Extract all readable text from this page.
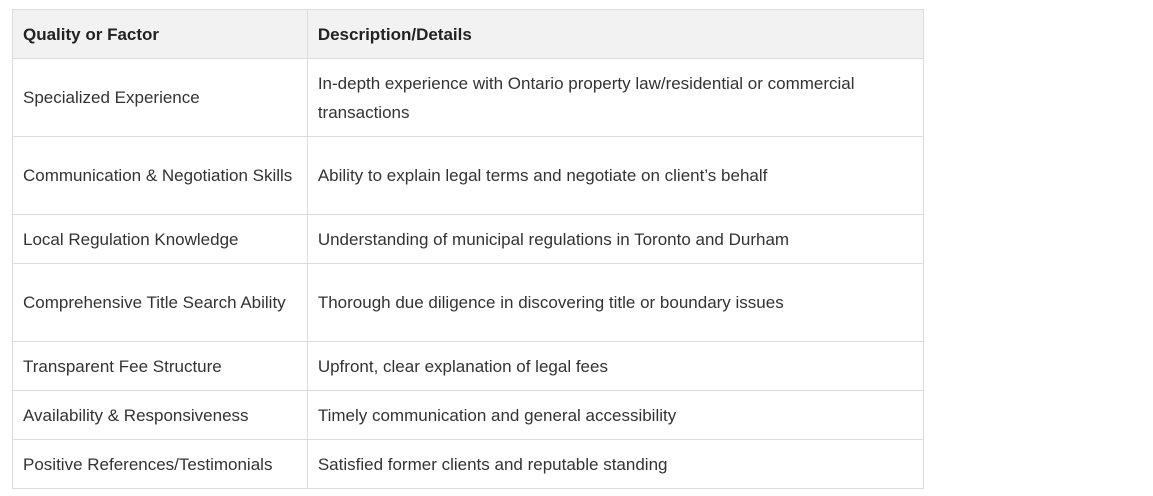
Quality or Factor	Description/Details
Specialized Experience	In-depth experience with Ontario property law/residential or commercial transactions
Communication & Negotiation Skills	Ability to explain legal terms and negotiate on client’s behalf
Local Regulation Knowledge	Understanding of municipal regulations in Toronto and Durham
Comprehensive Title Search Ability	Thorough due diligence in discovering title or boundary issues
Transparent Fee Structure	Upfront, clear explanation of legal fees
Availability & Responsiveness	Timely communication and general accessibility
Positive References/Testimonials	Satisfied former clients and reputable standing
